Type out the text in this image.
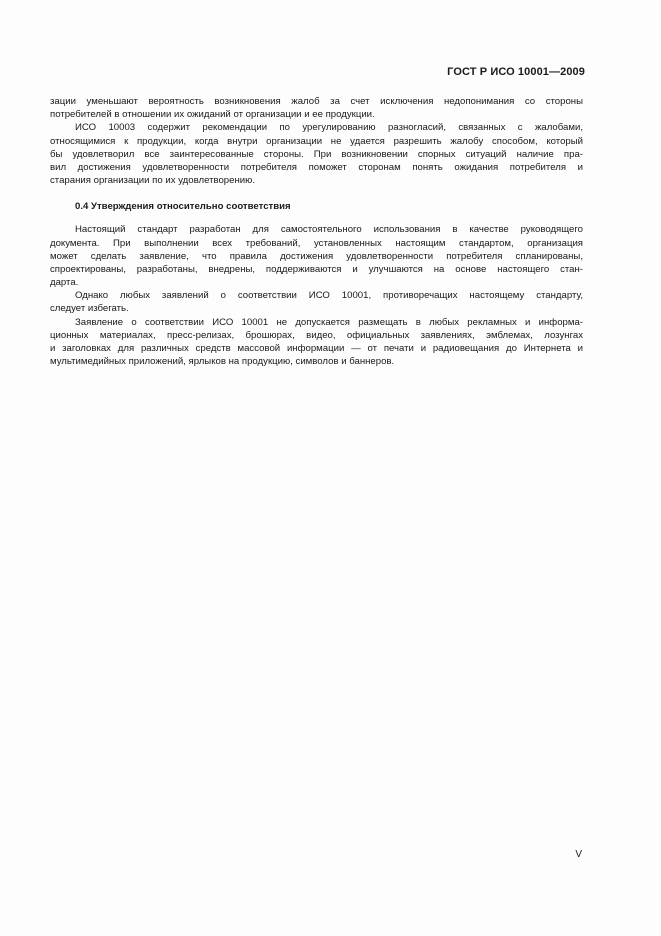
ГОСТ Р ИСО 10001—2009
зации уменьшают вероятность возникновения жалоб за счет исключения недопонимания со стороны
потребителей в отношении их ожиданий от организации и ее продукции.
ИСО 10003 содержит рекомендации по урегулированию разногласий, связанных с жалобами,
относящимися к продукции, когда внутри организации не удается разрешить жалобу способом, который
бы удовлетворил все заинтересованные стороны. При возникновении спорных ситуаций наличие пра-
вил достижения удовлетворенности потребителя поможет сторонам понять ожидания потребителя и
старания организации по их удовлетворению.
0.4 Утверждения относительно соответствия
Настоящий стандарт разработан для самостоятельного использования в качестве руководящего
документа. При выполнении всех требований, установленных настоящим стандартом, организация
может сделать заявление, что правила достижения удовлетворенности потребителя спланированы,
спроектированы, разработаны, внедрены, поддерживаются и улучшаются на основе настоящего стан-
дарта.
Однако любых заявлений о соответствии ИСО 10001, противоречащих настоящему стандарту,
следует избегать.
Заявление о соответствии ИСО 10001 не допускается размещать в любых рекламных и информа-
ционных материалах, пресс-релизах, брошюрах, видео, официальных заявлениях, эмблемах, лозунгах
и заголовках для различных средств массовой информации — от печати и радиовещания до Интернета и
мультимедийных приложений, ярлыков на продукцию, символов и баннеров.
V
